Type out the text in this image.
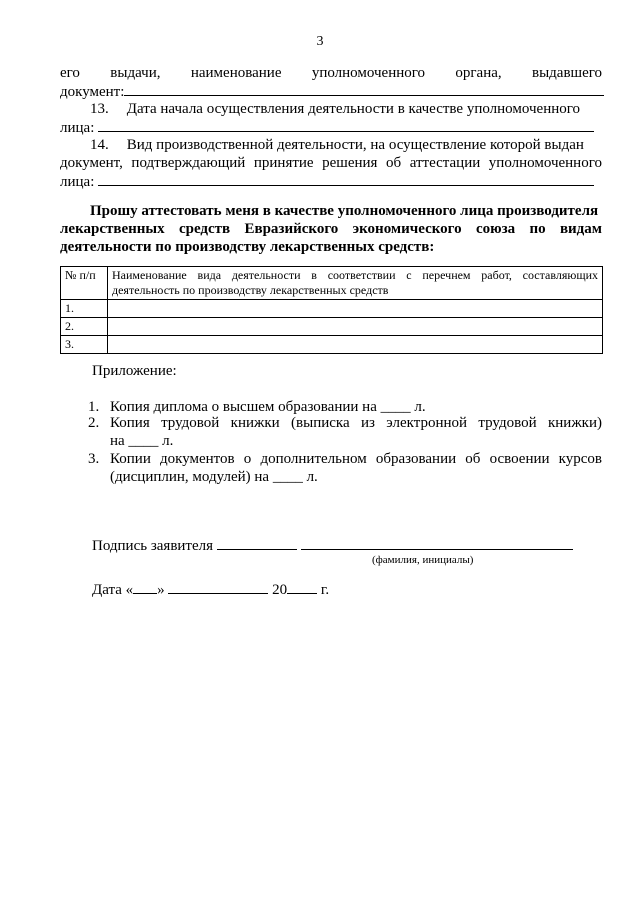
3
его выдачи, наименование уполномоченного органа, выдавшего
документ:
13. Дата начала осуществления деятельности в качестве уполномоченного
лица:
14. Вид производственной деятельности, на осуществление которой выдан
документ, подтверждающий принятие решения об аттестации уполномоченного
лица:
Прошу аттестовать меня в качестве уполномоченного лица производителя
лекарственных средств Евразийского экономического союза по видам
деятельности по производству лекарственных средств:
№ п/п	Наименование вида деятельности в соответствии с перечнем работ, составляющих
деятельность по производству лекарственных средств

1.	
2.	
3.	
Приложение:
1. Копия диплома о высшем образовании на ____ л.
2. Копия трудовой книжки (выписка из электронной трудовой книжки)
на ____ л.
3. Копии документов о дополнительном образовании об освоении курсов
(дисциплин, модулей) на ____ л.
Подпись заявителя
(фамилия, инициалы)
Дата « »	20 г.
